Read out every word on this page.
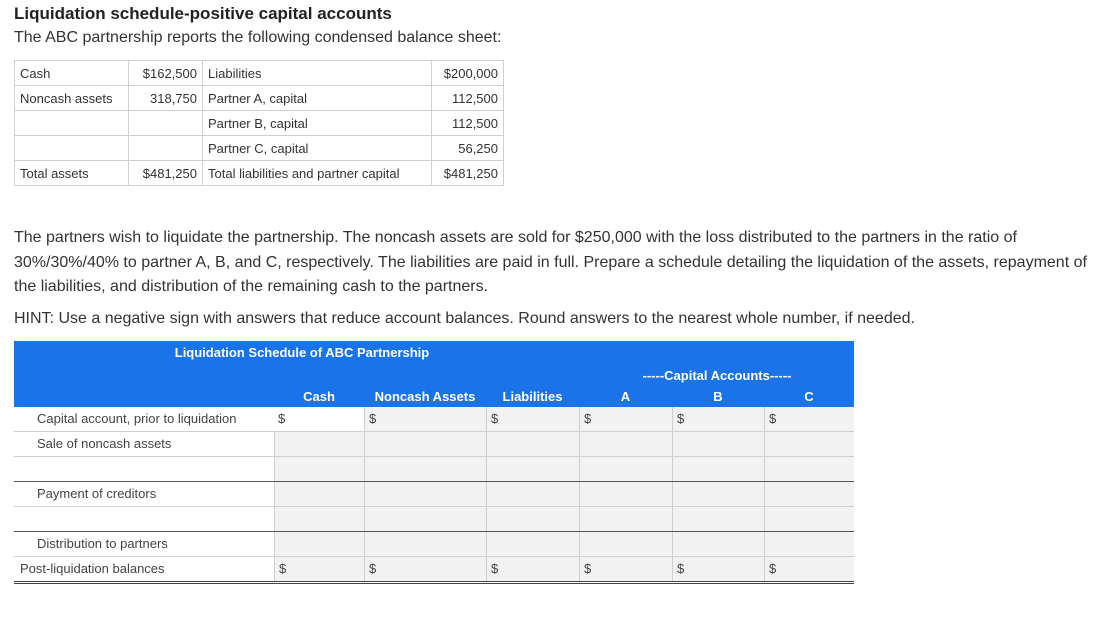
Liquidation schedule-positive capital accounts
The ABC partnership reports the following condensed balance sheet:
Cash	$162,500	Liabilities	$200,000
Noncash assets	318,750	Partner A, capital	112,500
		Partner B, capital	112,500
		Partner C, capital	56,250
Total assets	$481,250	Total liabilities and partner capital	$481,250
The partners wish to liquidate the partnership. The noncash assets are sold for $250,000 with the loss distributed to the partners in the ratio of 30%/30%/40% to partner A, B, and C, respectively. The liabilities are paid in full. Prepare a schedule detailing the liquidation of the assets, repayment of the liabilities, and distribution of the remaining cash to the partners.
HINT: Use a negative sign with answers that reduce account balances. Round answers to the nearest whole number, if needed.
Liquidation Schedule of ABC Partnership
-----Capital Accounts-----
Cash	Noncash Assets	Liabilities	A	B	C
Capital account, prior to liquidation	$	$	$	$	$	$
Sale of noncash assets
Payment of creditors
Distribution to partners
Post-liquidation balances	$	$	$	$	$	$
